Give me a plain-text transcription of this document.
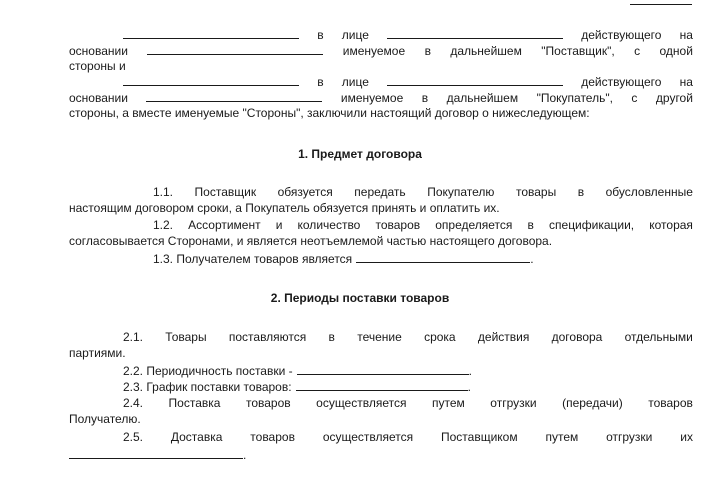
в лице	действующего на
основании	именуемое в дальнейшем "Поставщик", с одной
стороны и
в лице	действующего на
основании	именуемое в дальнейшем "Покупатель", с другой
стороны, а вместе именуемые "Стороны", заключили настоящий договор о нижеследующем:
1. Предмет договора
1.1. Поставщик обязуется передать Покупателю товары в обусловленные
настоящим договором сроки, а Покупатель обязуется принять и оплатить их.
1.2. Ассортимент и количество товаров определяется в спецификации, которая
согласовывается Сторонами, и является неотъемлемой частью настоящего договора.
1.3. Получателем товаров является	.
2. Периоды поставки товаров
2.1. Товары поставляются в течение срока действия договора отдельными
партиями.
2.2. Периодичность поставки -	.
2.3. График поставки товаров:	.
2.4. Поставка товаров осуществляется путем отгрузки (передачи) товаров
Получателю.
2.5. Доставка товаров осуществляется Поставщиком путем отгрузки их
.
